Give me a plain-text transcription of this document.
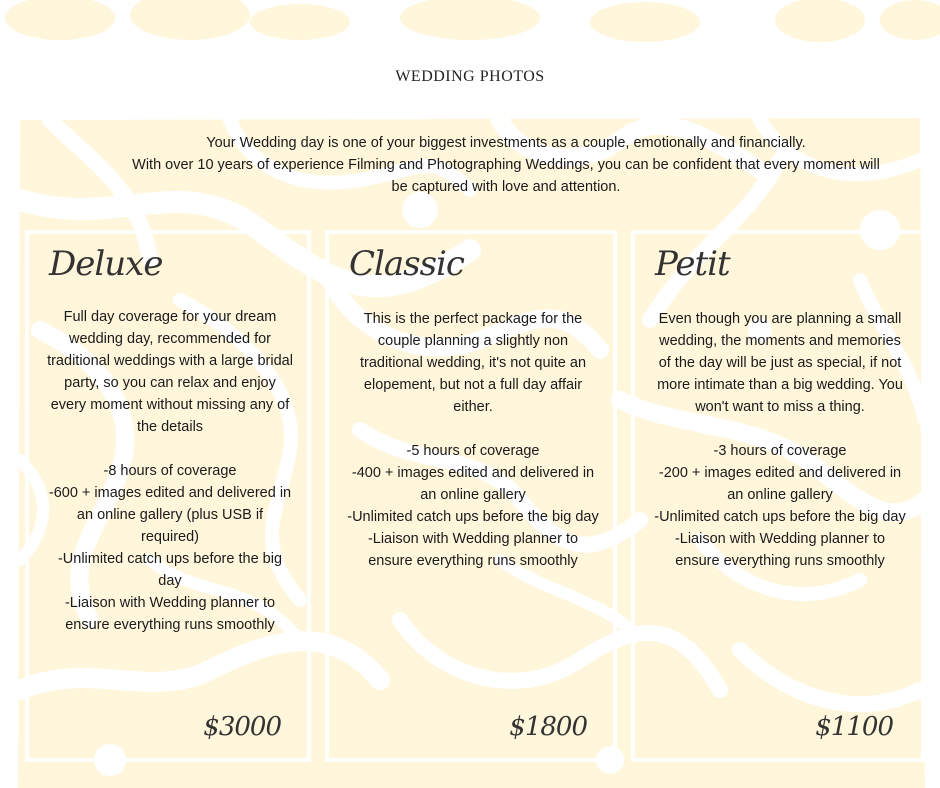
WEDDING PHOTOS

Your Wedding day is one of your biggest investments as a couple, emotionally and financially.

With over 10 years of experience Filming and Photographing Weddings, you can be confident that every moment will be captured with love and attention.

Deluxe

Full day coverage for your dream wedding day, recommended for traditional weddings with a large bridal party, so you can relax and enjoy every moment without missing any of the details

-8 hours of coverage

-600 + images edited and delivered in an online gallery (plus USB if required)

-Unlimited catch ups before the big day

-Liaison with Wedding planner to ensure everything runs smoothly

$3000
Classic

This is the perfect package for the couple planning a slightly non traditional wedding, it's not quite an elopement, but not a full day affair either.

-5 hours of coverage

-400 + images edited and delivered in an online gallery

-Unlimited catch ups before the big day

-Liaison with Wedding planner to ensure everything runs smoothly

$1800
Petit

Even though you are planning a small wedding, the moments and memories of the day will be just as special, if not more intimate than a big wedding. You won't want to miss a thing.

-3 hours of coverage

-200 + images edited and delivered in an online gallery

-Unlimited catch ups before the big day

-Liaison with Wedding planner to ensure everything runs smoothly

$1100
